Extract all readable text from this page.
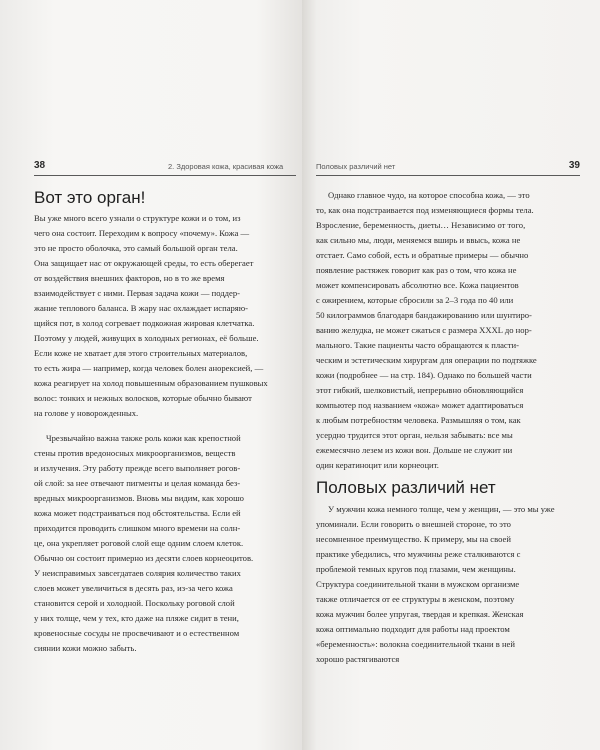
38	2. Здоровая кожа, красивая кожа
Вот это орган!
Вы уже много всего узнали о структуре кожи и о том, из
чего она состоит. Переходим к вопросу «почему». Кожа —
это не просто оболочка, это самый большой орган тела.
Она защищает нас от окружающей среды, то есть оберегает
от воздействия внешних факторов, но в то же время
взаимодействует с ними. Первая задача кожи — поддер-
жание теплового баланса. В жару нас охлаждает испаряю-
щийся пот, в холод согревает подкожная жировая клетчатка.
Поэтому у людей, живущих в холодных регионах, её больше.
Если коже не хватает для этого строительных материалов,
то есть жира — например, когда человек болен анорексией, —
кожа реагирует на холод повышенным образованием пушковых
волос: тонких и нежных волосков, которые обычно бывают
на голове у новорожденных.
Чрезвычайно важна также роль кожи как крепостной
стены против вредоносных микроорганизмов, веществ
и излучения. Эту работу прежде всего выполняет рогов-
ой слой: за нее отвечают пигменты и целая команда без-
вредных микроорганизмов. Вновь мы видим, как хорошо
кожа может подстраиваться под обстоятельства. Если ей
приходится проводить слишком много времени на солн-
це, она укрепляет роговой слой еще одним слоем клеток.
Обычно он состоит примерно из десяти слоев корнеоцитов.
У неисправимых завсегдатаев солярия количество таких
слоев может увеличиться в десять раз, из-за чего кожа
становится серой и холодной. Поскольку роговой слой
у них толще, чем у тех, кто даже на пляже сидит в тени,
кровеносные сосуды не просвечивают и о естественном
сиянии кожи можно забыть.
Половых различий нет	39
Однако главное чудо, на которое способна кожа, — это
то, как она подстраивается под изменяющиеся формы тела.
Взросление, беременность, диеты… Независимо от того,
как сильно мы, люди, меняемся вширь и ввысь, кожа не
отстает. Само собой, есть и обратные примеры — обычно
появление растяжек говорит как раз о том, что кожа не
может компенсировать абсолютно все. Кожа пациентов
с ожирением, которые сбросили за 2–3 года по 40 или
50 килограммов благодаря бандажированию или шунтиро-
ванию желудка, не может сжаться с размера XXXL до нор-
мального. Такие пациенты часто обращаются к пласти-
ческим и эстетическим хирургам для операции по подтяжке
кожи (подробнее — на стр. 184). Однако по большей части
этот гибкий, шелковистый, непрерывно обновляющийся
компьютер под названием «кожа» может адаптироваться
к любым потребностям человека. Размышляя о том, как
усердно трудится этот орган, нельзя забывать: все мы
ежемесячно лезем из кожи вон. Дольше не служит ни
один кератиноцит или корнеоцит.
Половых различий нет
У мужчин кожа немного толще, чем у женщин, — это мы уже
упоминали. Если говорить о внешней стороне, то это
несомненное преимущество. К примеру, мы на своей
практике убедились, что мужчины реже сталкиваются с
проблемой темных кругов под глазами, чем женщины.
Структура соединительной ткани в мужском организме
также отличается от ее структуры в женском, поэтому
кожа мужчин более упругая, твердая и крепкая. Женская
кожа оптимально подходит для работы над проектом
«беременность»: волокна соединительной ткани в ней
хорошо растягиваются
